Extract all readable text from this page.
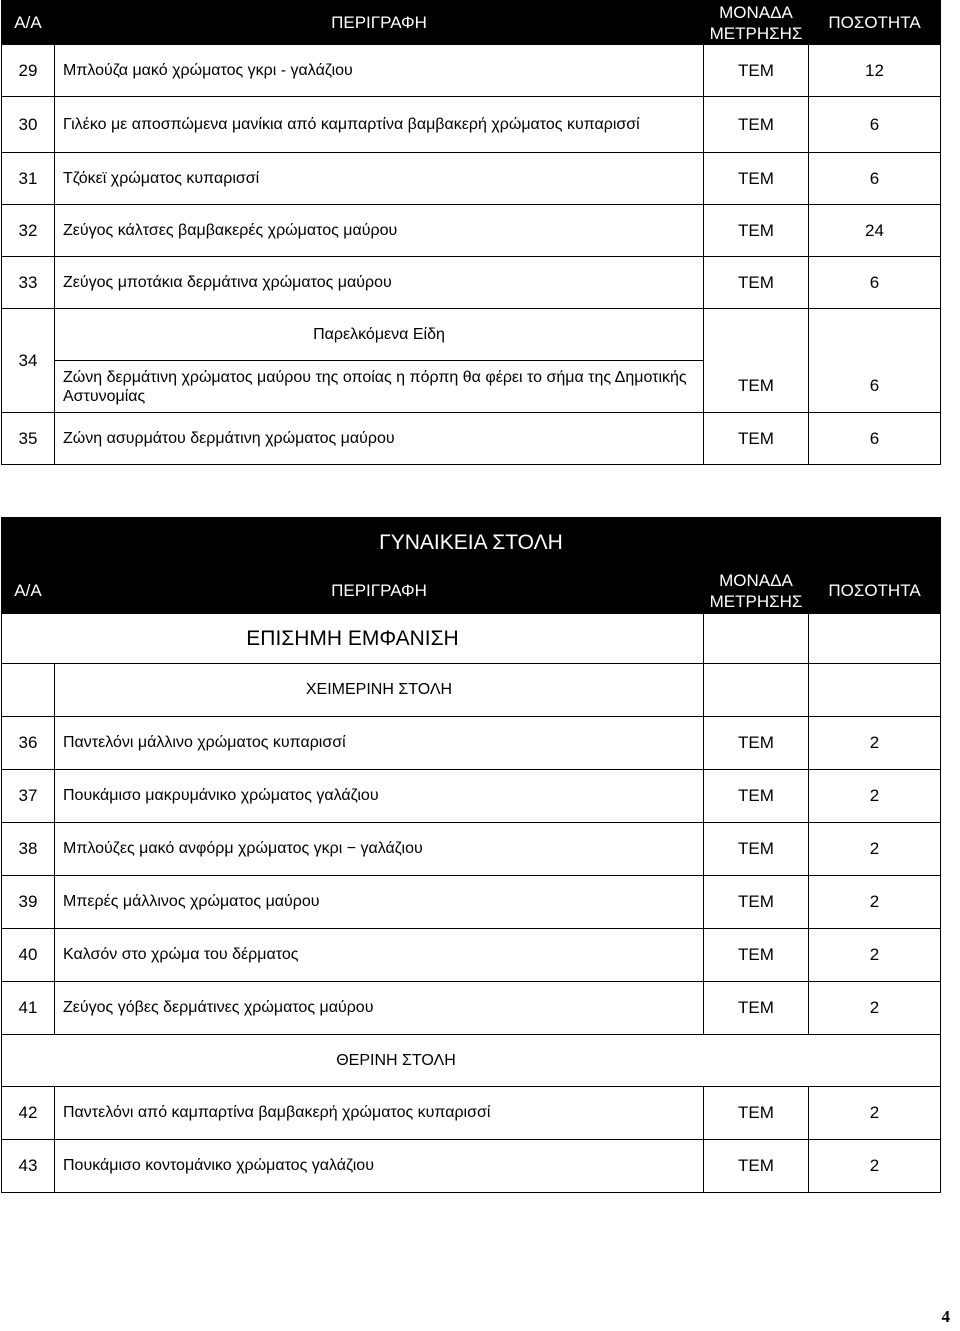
Α/Α	ΠΕΡΙΓΡΑΦΗ	ΜΟΝΑΔΑ
ΜΕΤΡΗΣΗΣ	ΠΟΣΟΤΗΤΑ
29	Μπλούζα μακό χρώματος γκρι - γαλάζιου	ΤΕΜ	12
30	Γιλέκο με αποσπώμενα μανίκια από καμπαρτίνα βαμβακερή χρώματος κυπαρισσί	ΤΕΜ	6
31	Τζόκεϊ χρώματος κυπαρισσί	ΤΕΜ	6
32	Ζεύγος κάλτσες βαμβακερές χρώματος μαύρου	ΤΕΜ	24
33	Ζεύγος μποτάκια δερμάτινα χρώματος μαύρου	ΤΕΜ	6
34	Παρελκόμενα Είδη		
	Ζώνη δερμάτινη χρώματος μαύρου της οποίας η πόρπη θα φέρει το σήμα της Δημοτικής Αστυνομίας	ΤΕΜ	6
35	Ζώνη ασυρμάτου δερμάτινη χρώματος μαύρου	ΤΕΜ	6
ΓΥΝΑΙΚΕΙΑ ΣΤΟΛΗ			
Α/Α	ΠΕΡΙΓΡΑΦΗ	ΜΟΝΑΔΑ
ΜΕΤΡΗΣΗΣ	ΠΟΣΟΤΗΤΑ
ΕΠΙΣΗΜΗ ΕΜΦΑΝΙΣΗ			
	ΧΕΙΜΕΡΙΝΗ ΣΤΟΛΗ		
36	Παντελόνι μάλλινο χρώματος κυπαρισσί	ΤΕΜ	2
37	Πουκάμισο μακρυμάνικο χρώματος γαλάζιου	ΤΕΜ	2
38	Μπλούζες μακό ανφόρμ χρώματος γκρι − γαλάζιου	ΤΕΜ	2
39	Μπερές μάλλινος χρώματος μαύρου	ΤΕΜ	2
40	Καλσόν στο χρώμα του δέρματος	ΤΕΜ	2
41	Ζεύγος γόβες δερμάτινες χρώματος μαύρου	ΤΕΜ	2
ΘΕΡΙΝΗ ΣΤΟΛΗ			
42	Παντελόνι από καμπαρτίνα βαμβακερή χρώματος κυπαρισσί	ΤΕΜ	2
43	Πουκάμισο κοντομάνικο χρώματος γαλάζιου	ΤΕΜ	2
4
